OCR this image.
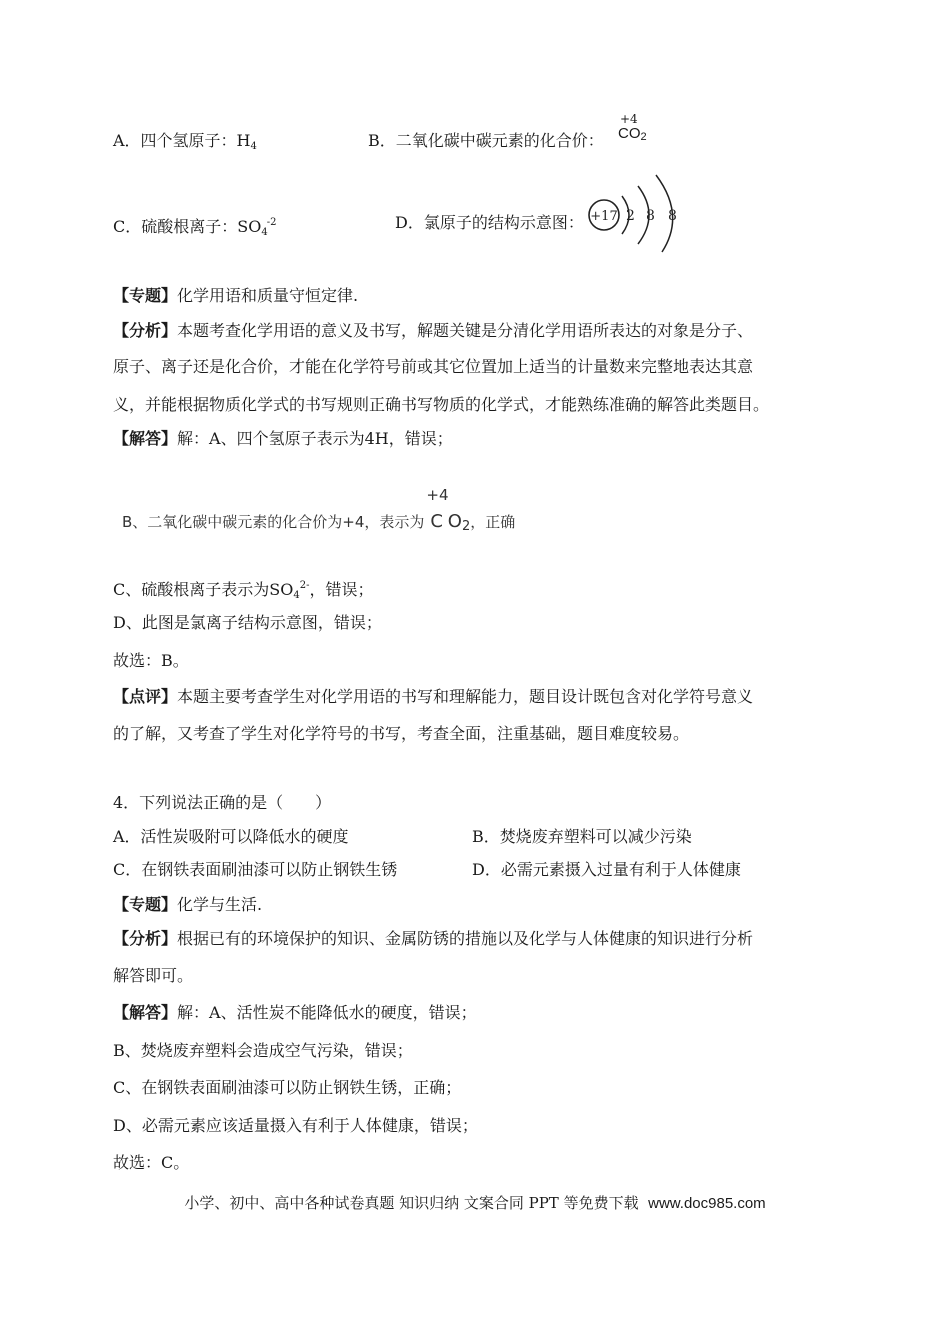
A．四个氢原子：$H_4$	B．二氧化碳中碳元素的化合价：
+4
CO2
C．硫酸根离子：$SO_4^{-2}$	D．氯原子的结构示意图： +17 2 8 8
【专题】化学用语和质量守恒定律.
【分析】本题考查化学用语的意义及书写，解题关键是分清化学用语所表达的对象是分子、
原子、离子还是化合价，才能在化学符号前或其它位置加上适当的计量数来完整地表达其意
义，并能根据物质化学式的书写规则正确书写物质的化学式，才能熟练准确的解答此类题目。
【解答】解：A、四个氢原子表示为4H，错误；
B、二氧化碳中碳元素的化合价为+4，表示为
+4
C O2，正确
C、硫酸根离子表示为$SO_4^{2-}$，错误；
D、此图是氯离子结构示意图，错误；
故选：B。
【点评】本题主要考查学生对化学用语的书写和理解能力，题目设计既包含对化学符号意义
的了解，又考查了学生对化学符号的书写，考查全面，注重基础，题目难度较易。
4．下列说法正确的是（　　）
A．活性炭吸附可以降低水的硬度	B．焚烧废弃塑料可以减少污染
C．在钢铁表面刷油漆可以防止钢铁生锈	D．必需元素摄入过量有利于人体健康
【专题】化学与生活.
【分析】根据已有的环境保护的知识、金属防锈的措施以及化学与人体健康的知识进行分析
解答即可。
【解答】解：A、活性炭不能降低水的硬度，错误；
B、焚烧废弃塑料会造成空气污染，错误；
C、在钢铁表面刷油漆可以防止钢铁生锈，正确；
D、必需元素应该适量摄入有利于人体健康，错误；
故选：C。
小学、初中、高中各种试卷真题 知识归纳 文案合同 PPT 等免费下载 www.doc985.com
